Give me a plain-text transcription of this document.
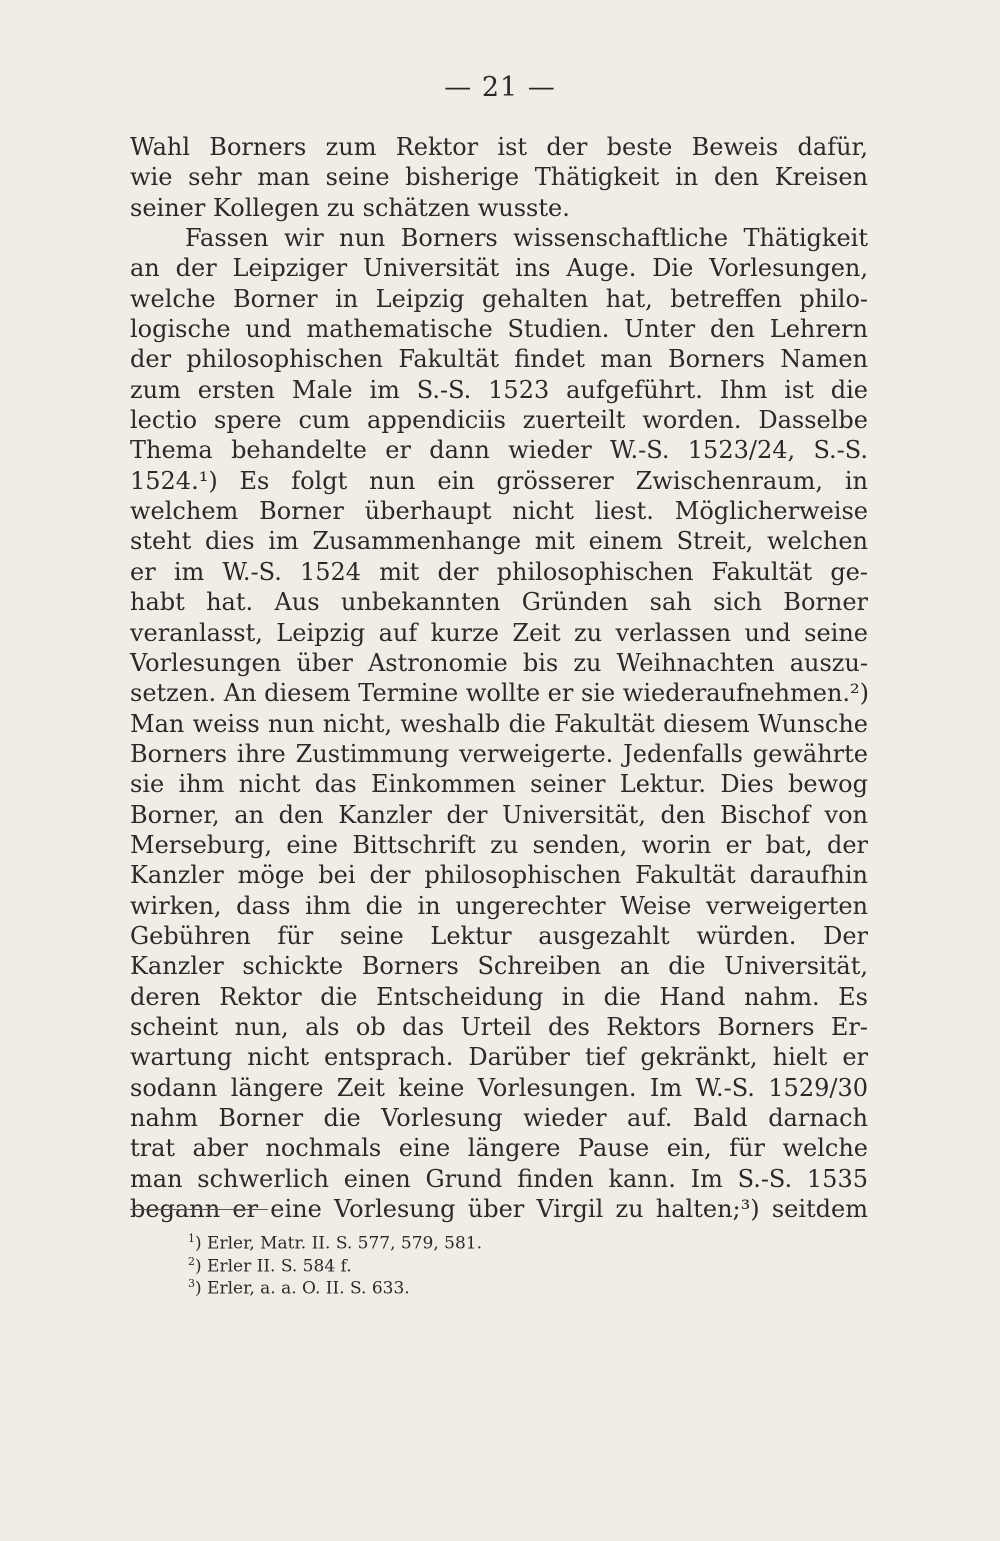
— 21 —
Wahl Borners zum Rektor ist der beste Beweis dafür,
wie sehr man seine bisherige Thätigkeit in den Kreisen
seiner Kollegen zu schätzen wusste.
Fassen wir nun Borners wissenschaftliche Thätigkeit
an der Leipziger Universität ins Auge. Die Vorlesungen,
welche Borner in Leipzig gehalten hat, betreffen philo-
logische und mathematische Studien. Unter den Lehrern
der philosophischen Fakultät findet man Borners Namen
zum ersten Male im S.-S. 1523 aufgeführt. Ihm ist die
lectio spere cum appendiciis zuerteilt worden. Dasselbe
Thema behandelte er dann wieder W.-S. 1523/24, S.-S.
1524.¹) Es folgt nun ein grösserer Zwischenraum, in
welchem Borner überhaupt nicht liest. Möglicherweise
steht dies im Zusammenhange mit einem Streit, welchen
er im W.-S. 1524 mit der philosophischen Fakultät ge-
habt hat. Aus unbekannten Gründen sah sich Borner
veranlasst, Leipzig auf kurze Zeit zu verlassen und seine
Vorlesungen über Astronomie bis zu Weihnachten auszu-
setzen. An diesem Termine wollte er sie wiederaufnehmen.²)
Man weiss nun nicht, weshalb die Fakultät diesem Wunsche
Borners ihre Zustimmung verweigerte. Jedenfalls gewährte
sie ihm nicht das Einkommen seiner Lektur. Dies bewog
Borner, an den Kanzler der Universität, den Bischof von
Merseburg, eine Bittschrift zu senden, worin er bat, der
Kanzler möge bei der philosophischen Fakultät daraufhin
wirken, dass ihm die in ungerechter Weise verweigerten
Gebühren für seine Lektur ausgezahlt würden. Der
Kanzler schickte Borners Schreiben an die Universität,
deren Rektor die Entscheidung in die Hand nahm. Es
scheint nun, als ob das Urteil des Rektors Borners Er-
wartung nicht entsprach. Darüber tief gekränkt, hielt er
sodann längere Zeit keine Vorlesungen. Im W.-S. 1529/30
nahm Borner die Vorlesung wieder auf. Bald darnach
trat aber nochmals eine längere Pause ein, für welche
man schwerlich einen Grund finden kann. Im S.-S. 1535
begann er eine Vorlesung über Virgil zu halten;³) seitdem
$^1$) Erler, Matr. II. S. 577, 579, 581.
$^2$) Erler II. S. 584 f.
$^3$) Erler, a. a. O. II. S. 633.
